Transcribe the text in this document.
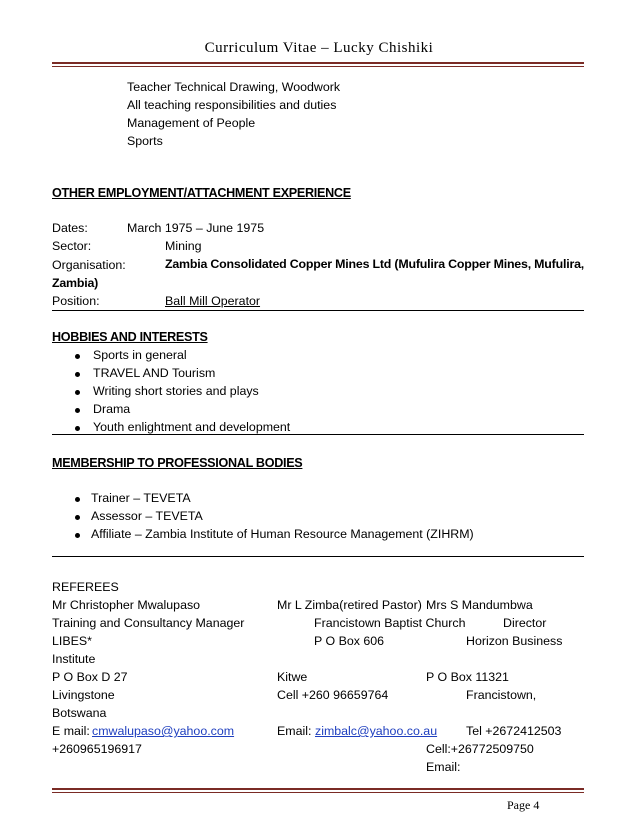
Curriculum Vitae – Lucky Chishiki
Teacher Technical Drawing, Woodwork
All teaching responsibilities and duties
Management of People
Sports
OTHER EMPLOYMENT/ATTACHMENT EXPERIENCE
Dates:	March 1975 – June 1975
Sector:	Mining
Organisation:	Zambia Consolidated Copper Mines Ltd (Mufulira Copper Mines, Mufulira,
Zambia)
Position:	Ball Mill Operator
HOBBIES AND INTERESTS
Sports in general
TRAVEL AND Tourism
Writing short stories and plays
Drama
Youth enlightment and development
MEMBERSHIP TO PROFESSIONAL BODIES
Trainer – TEVETA
Assessor – TEVETA
Affiliate – Zambia Institute of Human Resource Management (ZIHRM)
REFEREES
Mr Christopher Mwalupaso
Training and Consultancy Manager
LIBES*
Institute
P O Box D 27
Livingstone
Botswana
E mail: cmwalupaso@yahoo.com
+260965196917
Mr L Zimba(retired Pastor)
Francistown Baptist Church
P O Box 606
Kitwe
Cell +260 96659764
Email: zimbalc@yahoo.co.au
Mrs S Mandumbwa
Director
Horizon Business
P O Box 11321
Francistown,
Tel +2672412503
Cell:+26772509750
Email:
Page 4
